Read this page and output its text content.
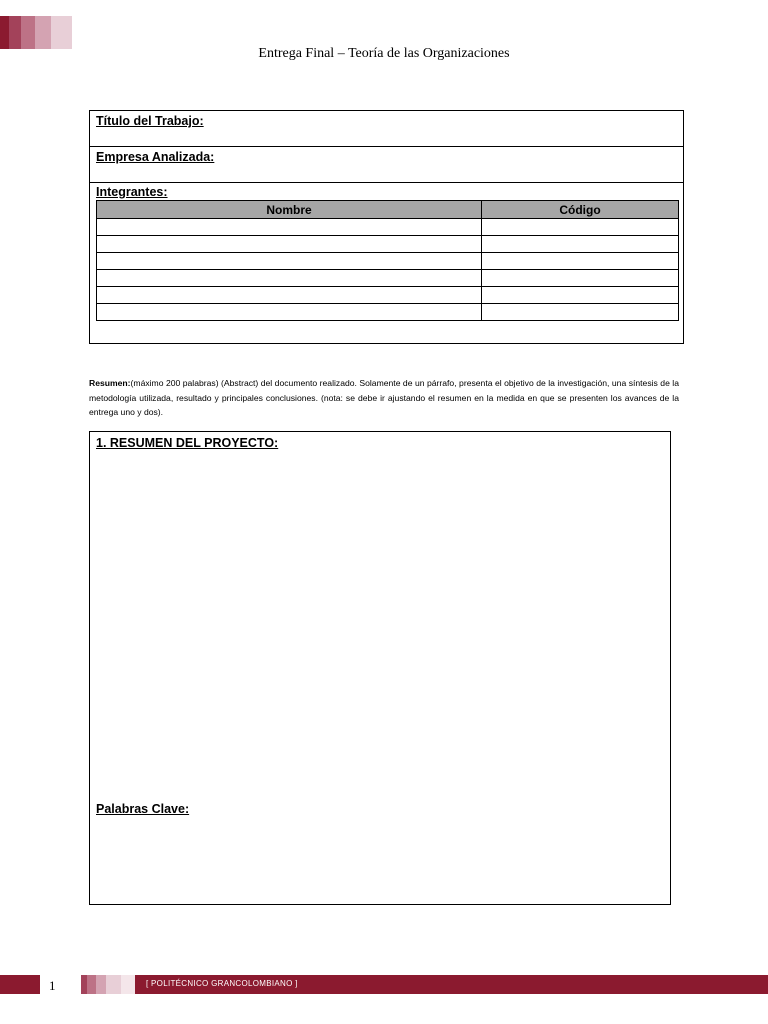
Entrega Final – Teoría de las Organizaciones
Título del Trabajo:
Empresa Analizada:
Integrantes:
Nombre	Código

Resumen:(máximo 200 palabras) (Abstract) del documento realizado. Solamente de un párrafo, presenta el objetivo de la investigación, una síntesis de la metodología utilizada, resultado y principales conclusiones. (nota: se debe ir ajustando el resumen en la medida en que se presenten los avances de la entrega uno y dos).
1. RESUMEN DEL PROYECTO:
Palabras Clave:
1	[ POLITÉCNICO GRANCOLOMBIANO ]
